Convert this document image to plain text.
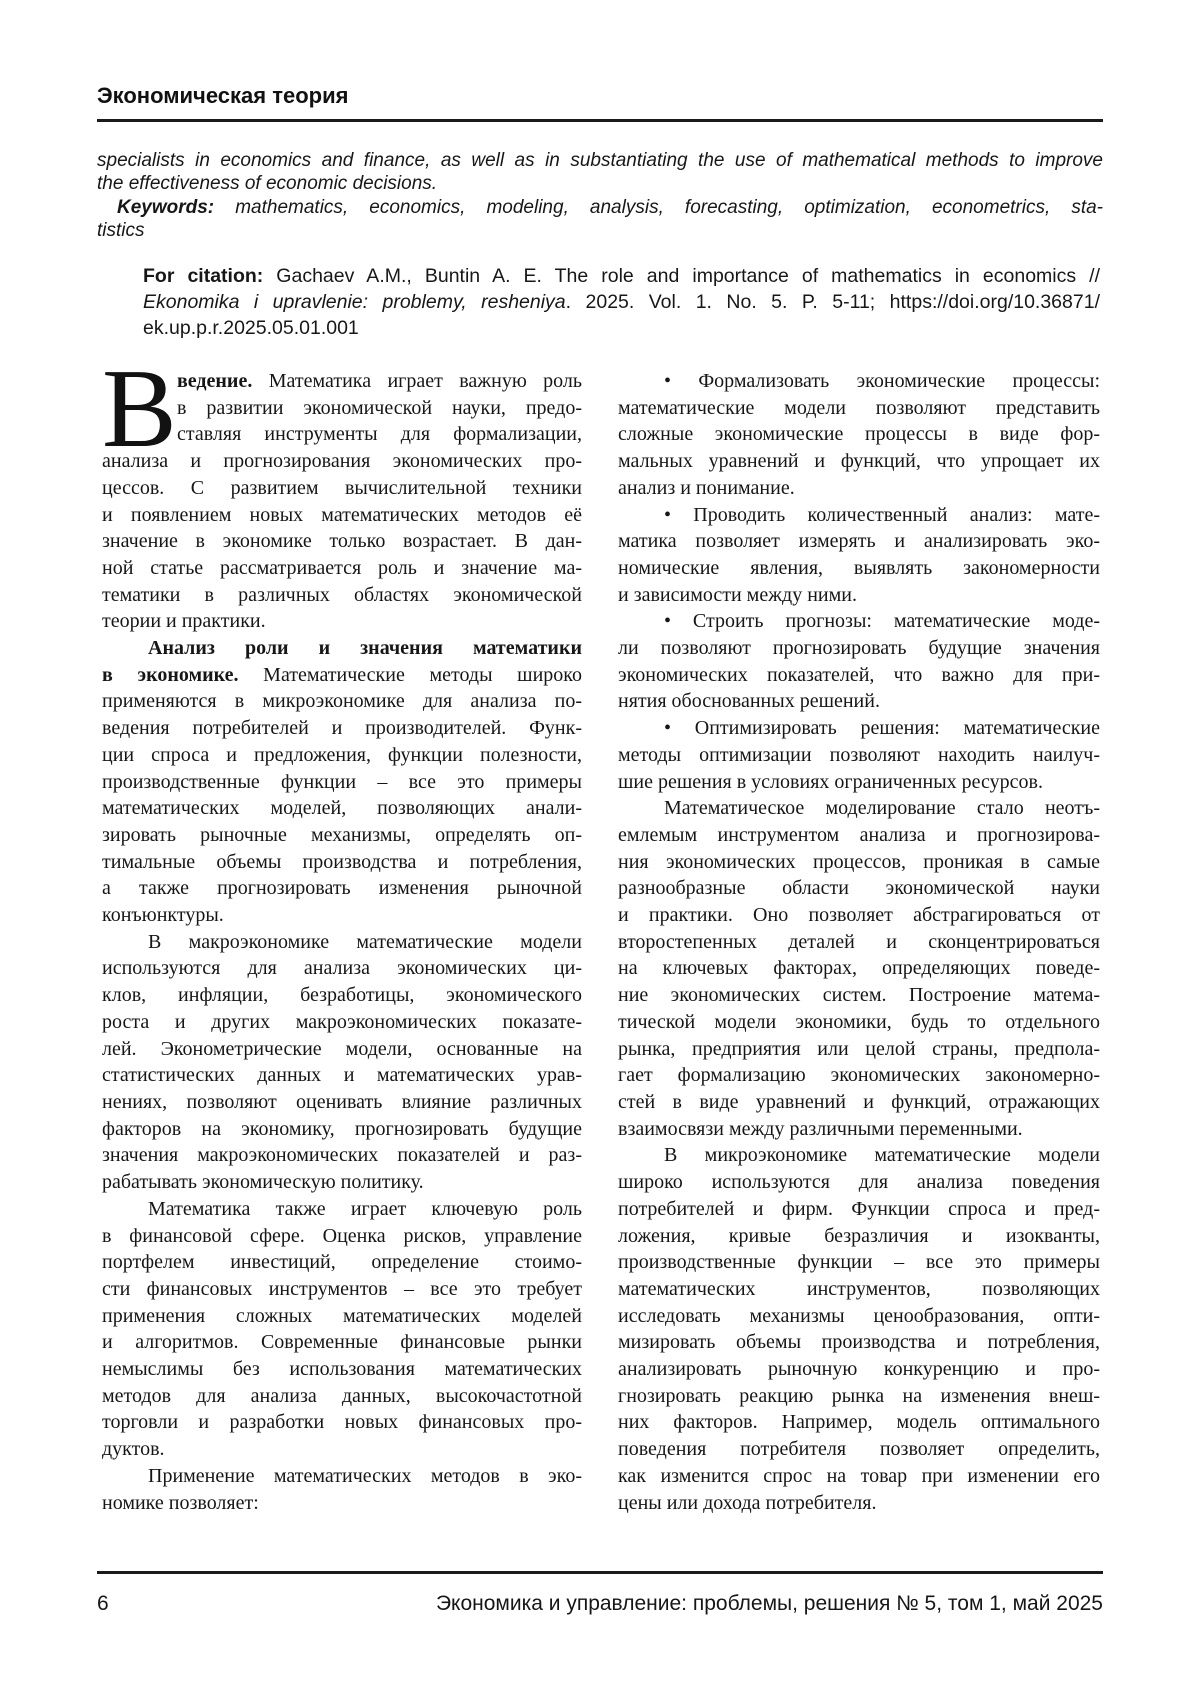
Экономическая теория
specialists in economics and finance, as well as in substantiating the use of mathematical methods to improve
the effectiveness of economic decisions.
Keywords: mathematics, economics, modeling, analysis, forecasting, optimization, econometrics, sta-
tistics
For citation: Gachaev A.M., Buntin A. E. The role and importance of mathematics in economics //
Ekonomika i upravlenie: problemy, resheniya. 2025. Vol. 1. No. 5. P. 5-11; https://doi.org/10.36871/
ek.up.p.r.2025.05.01.001
В ведение. Математика играет важную роль
в развитии экономической науки, предо-
ставляя инструменты для формализации,
анализа и прогнозирования экономических про-
цессов. С развитием вычислительной техники
и появлением новых математических методов её
значение в экономике только возрастает. В дан-
ной статье рассматривается роль и значение ма-
тематики в различных областях экономической
теории и практики.
Анализ роли и значения математики
в экономике. Математические методы широко
применяются в микроэкономике для анализа по-
ведения потребителей и производителей. Функ-
ции спроса и предложения, функции полезности,
производственные функции – все это примеры
математических моделей, позволяющих анали-
зировать рыночные механизмы, определять оп-
тимальные объемы производства и потребления,
а также прогнозировать изменения рыночной
конъюнктуры.
В макроэкономике математические модели
используются для анализа экономических ци-
клов, инфляции, безработицы, экономического
роста и других макроэкономических показате-
лей. Эконометрические модели, основанные на
статистических данных и математических урав-
нениях, позволяют оценивать влияние различных
факторов на экономику, прогнозировать будущие
значения макроэкономических показателей и раз-
рабатывать экономическую политику.
Математика также играет ключевую роль
в финансовой сфере. Оценка рисков, управление
портфелем инвестиций, определение стоимо-
сти финансовых инструментов – все это требует
применения сложных математических моделей
и алгоритмов. Современные финансовые рынки
немыслимы без использования математических
методов для анализа данных, высокочастотной
торговли и разработки новых финансовых про-
дуктов.
Применение математических методов в эко-
номике позволяет:
• Формализовать экономические процессы:
математические модели позволяют представить
сложные экономические процессы в виде фор-
мальных уравнений и функций, что упрощает их
анализ и понимание.
• Проводить количественный анализ: мате-
матика позволяет измерять и анализировать эко-
номические явления, выявлять закономерности
и зависимости между ними.
• Строить прогнозы: математические моде-
ли позволяют прогнозировать будущие значения
экономических показателей, что важно для при-
нятия обоснованных решений.
• Оптимизировать решения: математические
методы оптимизации позволяют находить наилуч-
шие решения в условиях ограниченных ресурсов.
Математическое моделирование стало неотъ-
емлемым инструментом анализа и прогнозирова-
ния экономических процессов, проникая в самые
разнообразные области экономической науки
и практики. Оно позволяет абстрагироваться от
второстепенных деталей и сконцентрироваться
на ключевых факторах, определяющих поведе-
ние экономических систем. Построение матема-
тической модели экономики, будь то отдельного
рынка, предприятия или целой страны, предпола-
гает формализацию экономических закономерно-
стей в виде уравнений и функций, отражающих
взаимосвязи между различными переменными.
В микроэкономике математические модели
широко используются для анализа поведения
потребителей и фирм. Функции спроса и пред-
ложения, кривые безразличия и изокванты,
производственные функции – все это примеры
математических инструментов, позволяющих
исследовать механизмы ценообразования, опти-
мизировать объемы производства и потребления,
анализировать рыночную конкуренцию и про-
гнозировать реакцию рынка на изменения внеш-
них факторов. Например, модель оптимального
поведения потребителя позволяет определить,
как изменится спрос на товар при изменении его
цены или дохода потребителя.
6	Экономика и управление: проблемы, решения № 5, том 1, май 2025
